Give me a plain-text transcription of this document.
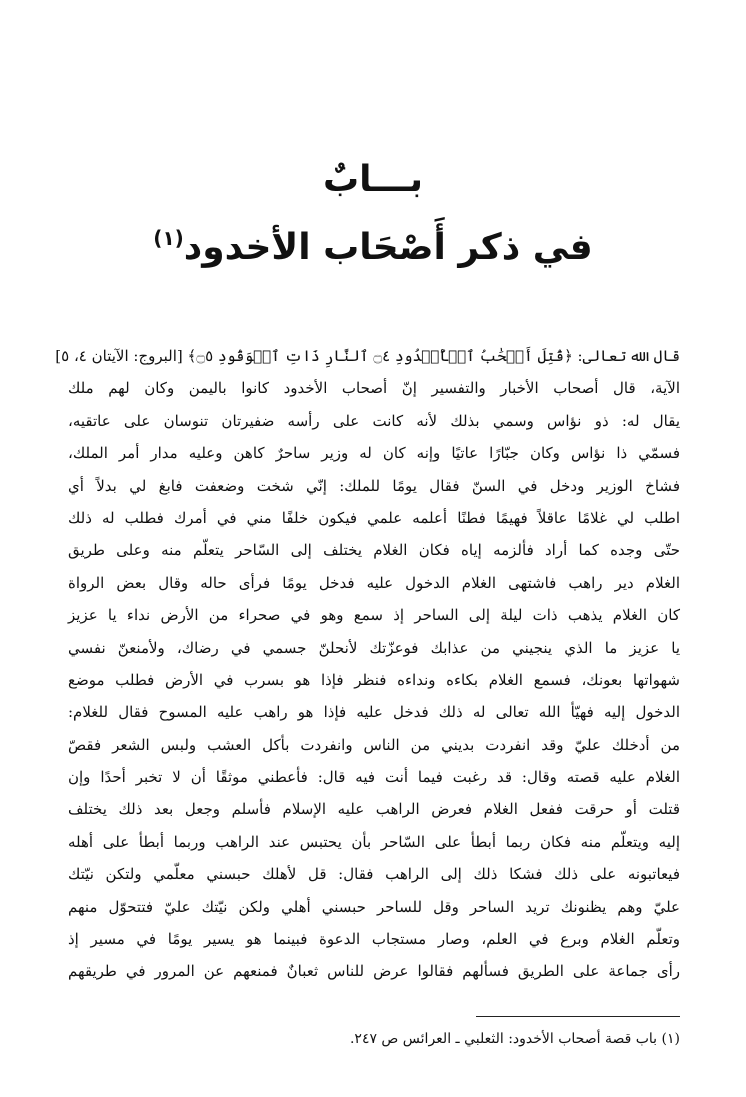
بـــابٌ
في ذكر أَصْحَاب الأخدود$^{(١)}$
قال الله تعالى: ﴿قُتِلَ أَصۡحَٰبُ ٱلۡأُخۡدُودِ ۝٤ ٱلنَّارِ ذَاتِ ٱلۡوَقُودِ ۝٥﴾ [البروج: الآيتان ٤، ٥]
الآية، قال أصحاب الأخبار والتفسير إنّ أصحاب الأخدود كانوا باليمن وكان لهم ملك
يقال له: ذو نؤاس وسمي بذلك لأنه كانت على رأسه ضفيرتان تنوسان على عاتقيه،
فسمّي ذا نؤاس وكان جبّارًا عاتيًا وإنه كان له وزير ساحرٌ كاهن وعليه مدار أمر الملك،
فشاخ الوزير ودخل في السنّ فقال يومًا للملك: إنّي شخت وضعفت فابغ لي بدلاً أي
اطلب لي غلامًا عاقلاً فهيمًا فطنًا أعلمه علمي فيكون خلفًا مني في أمرك فطلب له ذلك
حتّى وجده كما أراد فألزمه إياه فكان الغلام يختلف إلى السّاحر يتعلّم منه وعلى طريق
الغلام دير راهب فاشتهى الغلام الدخول عليه فدخل يومًا فرأى حاله وقال بعض الرواة
كان الغلام يذهب ذات ليلة إلى الساحر إذ سمع وهو في صحراء من الأرض نداء يا عزيز
يا عزيز ما الذي ينجيني من عذابك فوعزّتك لأنحلنّ جسمي في رضاك، ولأمنعنّ نفسي
شهواتها بعونك، فسمع الغلام بكاءه ونداءه فنظر فإذا هو بسرب في الأرض فطلب موضع
الدخول إليه فهيّأ الله تعالى له ذلك فدخل عليه فإذا هو راهب عليه المسوح فقال للغلام:
من أدخلك عليّ وقد انفردت بديني من الناس وانفردت بأكل العشب ولبس الشعر فقصّ
الغلام عليه قصته وقال: قد رغبت فيما أنت فيه قال: فأعطني موثقًا أن لا تخبر أحدًا وإن
قتلت أو حرقت ففعل الغلام فعرض الراهب عليه الإسلام فأسلم وجعل بعد ذلك يختلف
إليه ويتعلّم منه فكان ربما أبطأ على السّاحر بأن يحتبس عند الراهب وربما أبطأ على أهله
فيعاتبونه على ذلك فشكا ذلك إلى الراهب فقال: قل لأهلك حبسني معلّمي ولتكن نيّتك
عليّ وهم يظنونك تريد الساحر وقل للساحر حبسني أهلي ولكن نيّتك عليّ فتتحوّل منهم
وتعلّم الغلام وبرع في العلم، وصار مستجاب الدعوة فبينما هو يسير يومًا في مسير إذ
رأى جماعة على الطريق فسألهم فقالوا عرض للناس ثعبانٌ فمنعهم عن المرور في طريقهم
(١) باب قصة أصحاب الأخدود: الثعلبي ـ العرائس ص ٢٤٧.
